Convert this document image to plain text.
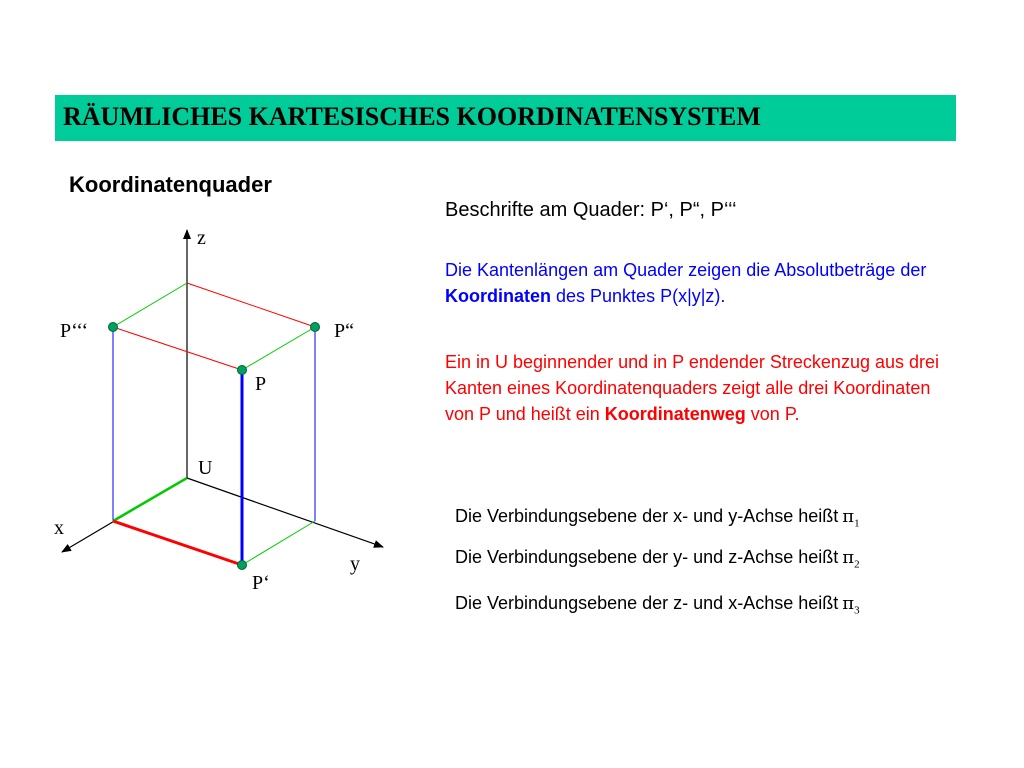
RÄUMLICHES KARTESISCHES KOORDINATENSYSTEM
Koordinatenquader
Beschrifte am Quader: P‘, P“, P‘‘‘
Die Kantenlängen am Quader zeigen die Absolutbeträge der Koordinaten des Punktes P(x|y|z).
Ein in U beginnender und in P endender Streckenzug aus drei Kanten eines Koordinatenquaders zeigt alle drei Koordinaten von P und heißt ein Koordinatenweg von P.
Die Verbindungsebene der x- und y-Achse heißt $\pi_1$
Die Verbindungsebene der y- und z-Achse heißt $\pi_2$
Die Verbindungsebene der z- und x-Achse heißt $\pi_3$
z
y
x
U
P
P‘
P“
P‘‘‘
